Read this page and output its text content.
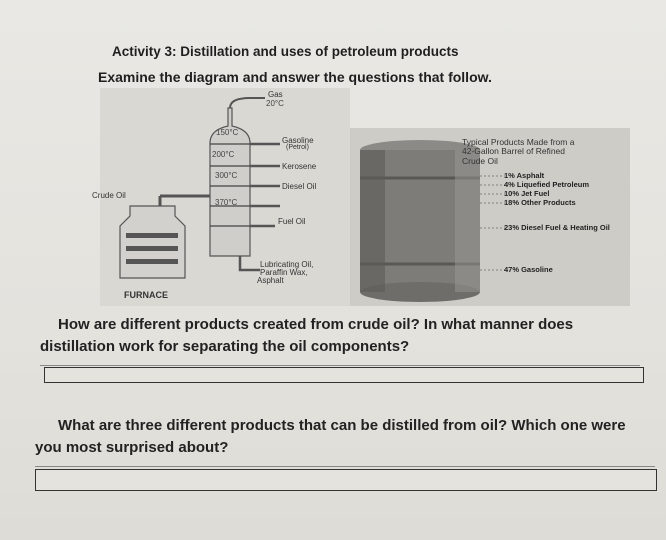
Activity 3: Distillation and uses of petroleum products
Examine the diagram and answer the questions that follow.
Gas
20°C
150°C
200°C
300°C
370°C
Gasoline
(Petrol)
Kerosene
Diesel Oil
Fuel Oil
Lubricating Oil,
Paraffin Wax,
Asphalt
Crude Oil
FURNACE
Typical Products Made from a
42-Gallon Barrel of Refined
Crude Oil
1% Asphalt
4% Liquefied Petroleum
10% Jet Fuel
18% Other Products
23% Diesel Fuel & Heating Oil
47% Gasoline
How are different products created from crude oil? In what manner does
distillation work for separating the oil components?
What are three different products that can be distilled from oil? Which one were
you most surprised about?
